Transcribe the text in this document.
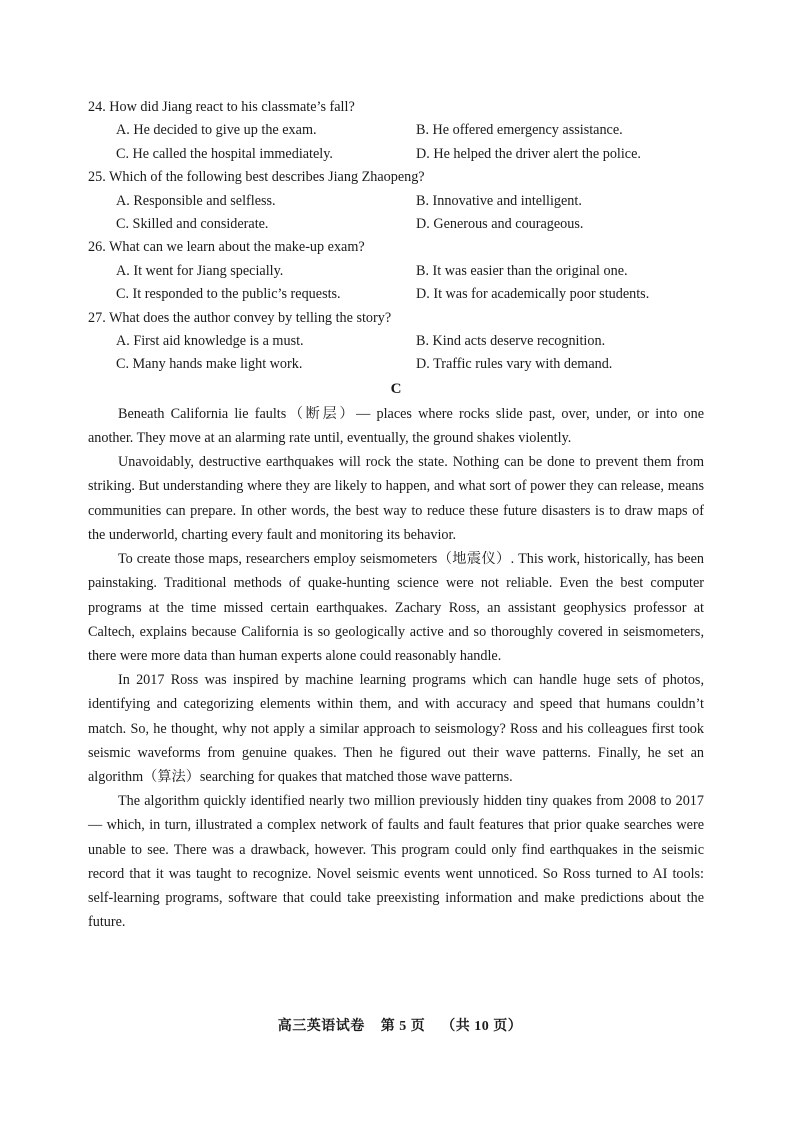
24. How did Jiang react to his classmate’s fall?
A. He decided to give up the exam.	B. He offered emergency assistance.
C. He called the hospital immediately.	D. He helped the driver alert the police.
25. Which of the following best describes Jiang Zhaopeng?
A. Responsible and selfless.	B. Innovative and intelligent.
C. Skilled and considerate.	D. Generous and courageous.
26. What can we learn about the make-up exam?
A. It went for Jiang specially.	B. It was easier than the original one.
C. It responded to the public’s requests.	D. It was for academically poor students.
27. What does the author convey by telling the story?
A. First aid knowledge is a must.	B. Kind acts deserve recognition.
C. Many hands make light work.	D. Traffic rules vary with demand.
C

Beneath California lie faults（断层）— places where rocks slide past, over, under, or into one another. They move at an alarming rate until, eventually, the ground shakes violently.

Unavoidably, destructive earthquakes will rock the state. Nothing can be done to prevent them from striking. But understanding where they are likely to happen, and what sort of power they can release, means communities can prepare. In other words, the best way to reduce these future disasters is to draw maps of the underworld, charting every fault and monitoring its behavior.

To create those maps, researchers employ seismometers（地震仪）. This work, historically, has been painstaking. Traditional methods of quake-hunting science were not reliable. Even the best computer programs at the time missed certain earthquakes. Zachary Ross, an assistant geophysics professor at Caltech, explains because California is so geologically active and so thoroughly covered in seismometers, there were more data than human experts alone could reasonably handle.

In 2017 Ross was inspired by machine learning programs which can handle huge sets of photos, identifying and categorizing elements within them, and with accuracy and speed that humans couldn’t match. So, he thought, why not apply a similar approach to seismology? Ross and his colleagues first took seismic waveforms from genuine quakes. Then he figured out their wave patterns. Finally, he set an algorithm（算法）searching for quakes that matched those wave patterns.

The algorithm quickly identified nearly two million previously hidden tiny quakes from 2008 to 2017 — which, in turn, illustrated a complex network of faults and fault features that prior quake searches were unable to see. There was a drawback, however. This program could only find earthquakes in the seismic record that it was taught to recognize. Novel seismic events went unnoticed. So Ross turned to AI tools: self-learning programs, software that could take preexisting information and make predictions about the future.

高三英语试卷 第 5 页 （共 10 页）
